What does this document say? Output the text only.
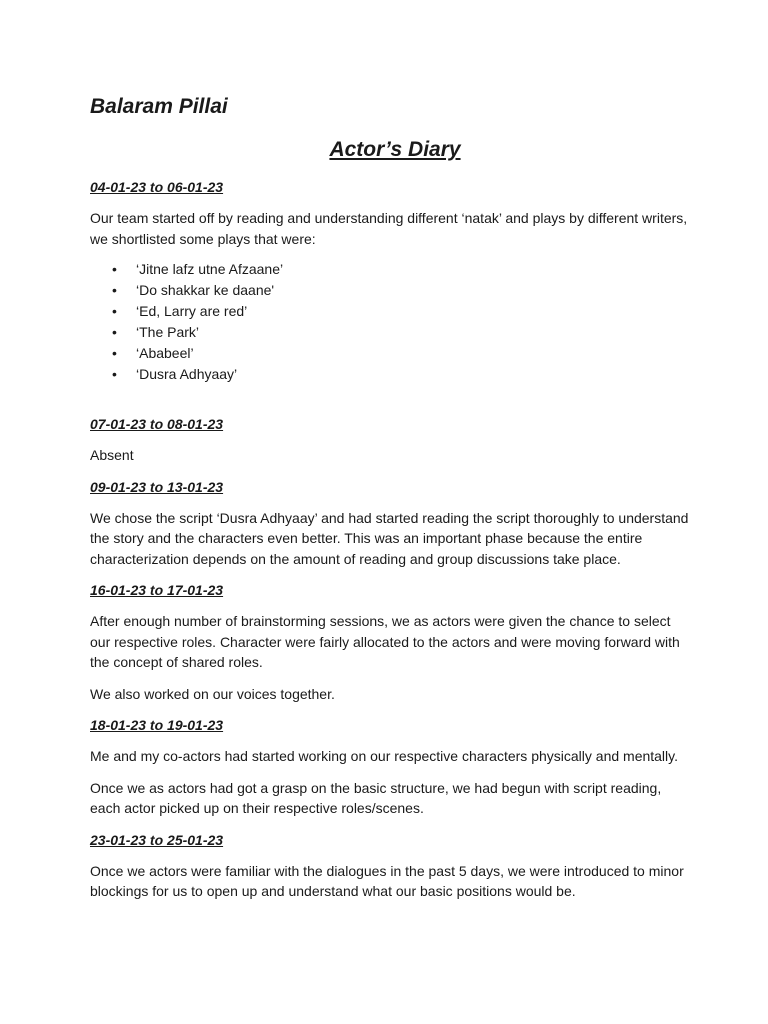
Balaram Pillai
Actor’s Diary

04-01-23 to 06-01-23

Our team started off by reading and understanding different ‘natak’ and plays by different writers, we shortlisted some plays that were:

• ‘Jitne lafz utne Afzaane’
• ‘Do shakkar ke daane'
• ‘Ed, Larry are red’
• ‘The Park’
• ‘Ababeel’
• ‘Dusra Adhyaay’

07-01-23 to 08-01-23

Absent

09-01-23 to 13-01-23

We chose the script ‘Dusra Adhyaay’ and had started reading the script thoroughly to understand the story and the characters even better. This was an important phase because the entire characterization depends on the amount of reading and group discussions take place.

16-01-23 to 17-01-23

After enough number of brainstorming sessions, we as actors were given the chance to select our respective roles. Character were fairly allocated to the actors and were moving forward with the concept of shared roles.

We also worked on our voices together.

18-01-23 to 19-01-23

Me and my co-actors had started working on our respective characters physically and mentally.

Once we as actors had got a grasp on the basic structure, we had begun with script reading, each actor picked up on their respective roles/scenes.

23-01-23 to 25-01-23

Once we actors were familiar with the dialogues in the past 5 days, we were introduced to minor blockings for us to open up and understand what our basic positions would be.
